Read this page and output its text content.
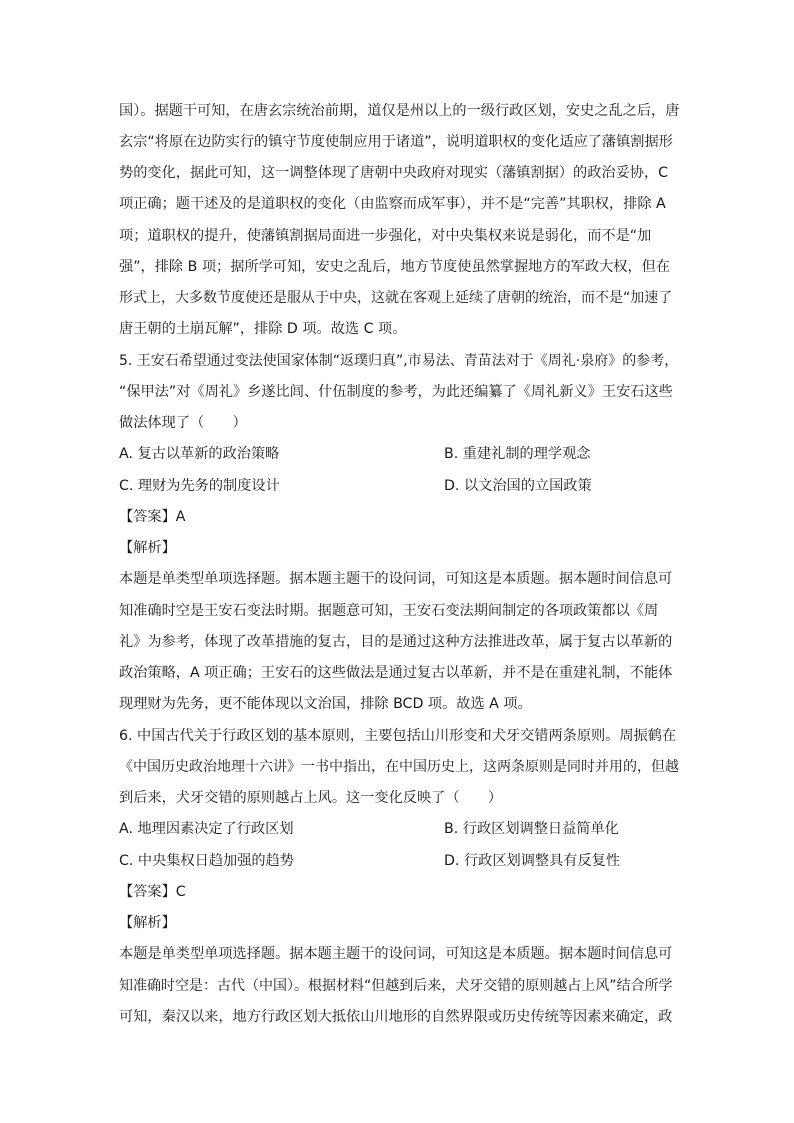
国）。据题干可知，在唐玄宗统治前期，道仅是州以上的一级行政区划，安史之乱之后，唐
玄宗“将原在边防实行的镇守节度使制应用于诸道”，说明道职权的变化适应了藩镇割据形
势的变化，据此可知，这一调整体现了唐朝中央政府对现实（藩镇割据）的政治妥协，C
项正确；题干述及的是道职权的变化（由监察而成军事），并不是“完善”其职权，排除 A
项；道职权的提升，使藩镇割据局面进一步强化，对中央集权来说是弱化，而不是“加
强”，排除 B 项；据所学可知，安史之乱后，地方节度使虽然掌握地方的军政大权，但在
形式上，大多数节度使还是服从于中央，这就在客观上延续了唐朝的统治，而不是“加速了
唐王朝的土崩瓦解”，排除 D 项。故选 C 项。
5. 王安石希望通过变法使国家体制“返璞归真”,市易法、青苗法对于《周礼·泉府》的参考，
“保甲法”对《周礼》乡遂比闾、什伍制度的参考，为此还编纂了《周礼新义》王安石这些
做法体现了（　　）
A. 复古以革新的政治策略	B. 重建礼制的理学观念
C. 理财为先务的制度设计	D. 以文治国的立国政策
【答案】A
【解析】
本题是单类型单项选择题。据本题主题干的设问词，可知这是本质题。据本题时间信息可
知准确时空是王安石变法时期。据题意可知，王安石变法期间制定的各项政策都以《周
礼》为参考，体现了改革措施的复古，目的是通过这种方法推进改革，属于复古以革新的
政治策略，A 项正确；王安石的这些做法是通过复古以革新，并不是在重建礼制，不能体
现理财为先务，更不能体现以文治国，排除 BCD 项。故选 A 项。
6. 中国古代关于行政区划的基本原则，主要包括山川形变和犬牙交错两条原则。周振鹤在
《中国历史政治地理十六讲》一书中指出，在中国历史上，这两条原则是同时并用的，但越
到后来，犬牙交错的原则越占上风。这一变化反映了（　　）
A. 地理因素决定了行政区划	B. 行政区划调整日益简单化
C. 中央集权日趋加强的趋势	D. 行政区划调整具有反复性
【答案】C
【解析】
本题是单类型单项选择题。据本题主题干的设问词，可知这是本质题。据本题时间信息可
知准确时空是：古代（中国）。根据材料“但越到后来，犬牙交错的原则越占上风”结合所学
可知，秦汉以来，地方行政区划大抵依山川地形的自然界限或历史传统等因素来确定，政
